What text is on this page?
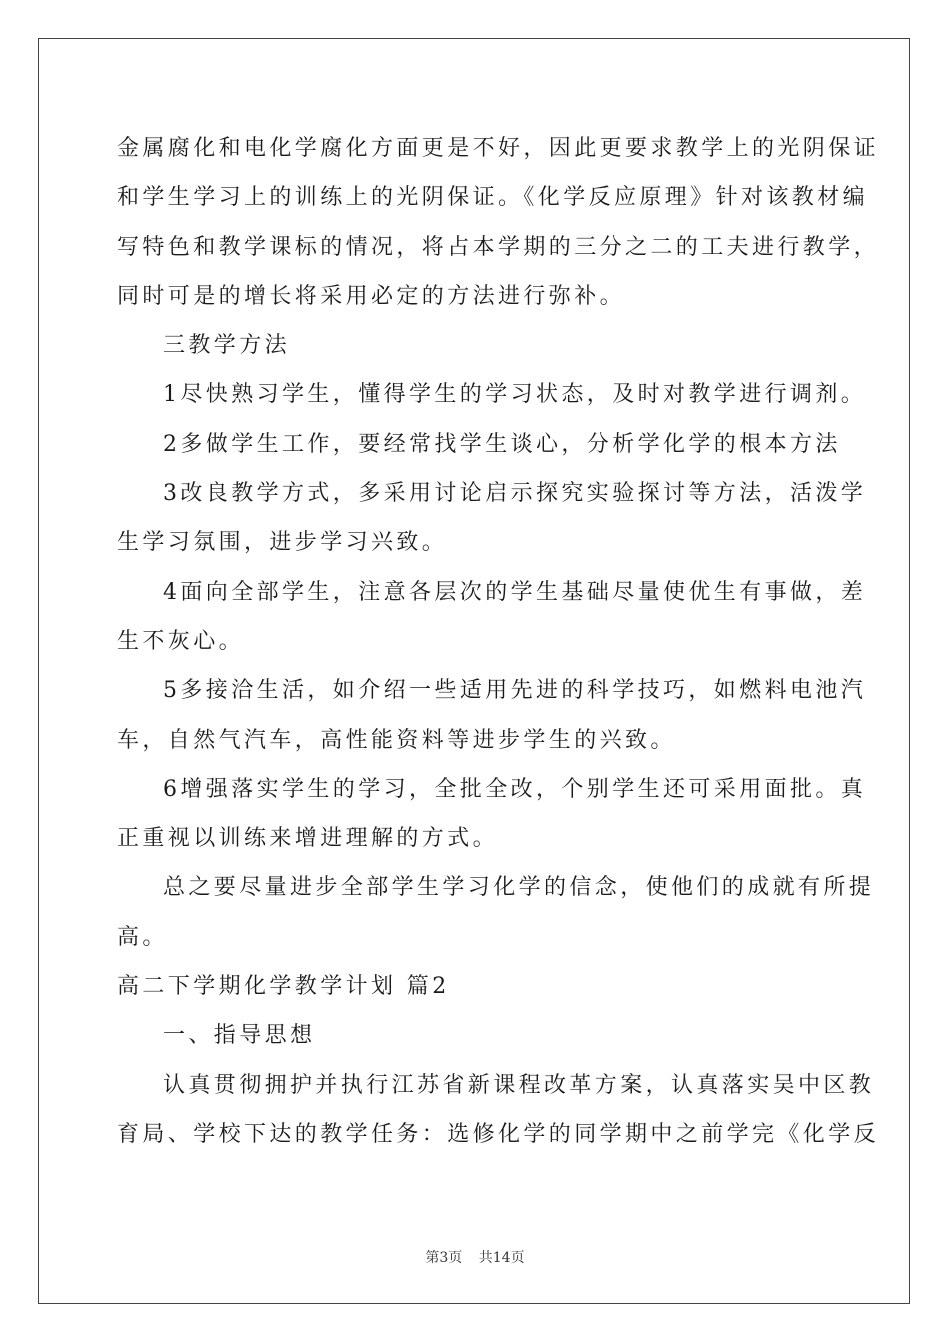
金属腐化和电化学腐化方面更是不好，因此更要求教学上的光阴保证

和学生学习上的训练上的光阴保证。《化学反应原理》针对该教材编

写特色和教学课标的情况，将占本学期的三分之二的工夫进行教学，

同时可是的增长将采用必定的方法进行弥补。

三教学方法

1尽快熟习学生，懂得学生的学习状态，及时对教学进行调剂。

2多做学生工作，要经常找学生谈心，分析学化学的根本方法

3改良教学方式，多采用讨论启示探究实验探讨等方法，活泼学

生学习氛围，进步学习兴致。

4面向全部学生，注意各层次的学生基础尽量使优生有事做，差

生不灰心。

5多接洽生活，如介绍一些适用先进的科学技巧，如燃料电池汽

车，自然气汽车，高性能资料等进步学生的兴致。

6增强落实学生的学习，全批全改，个别学生还可采用面批。真

正重视以训练来增进理解的方式。

总之要尽量进步全部学生学习化学的信念，使他们的成就有所提

高。

高二下学期化学教学计划 篇2

一、指导思想

认真贯彻拥护并执行江苏省新课程改革方案，认真落实吴中区教

育局、学校下达的教学任务：选修化学的同学期中之前学完《化学反

第3页 共14页
